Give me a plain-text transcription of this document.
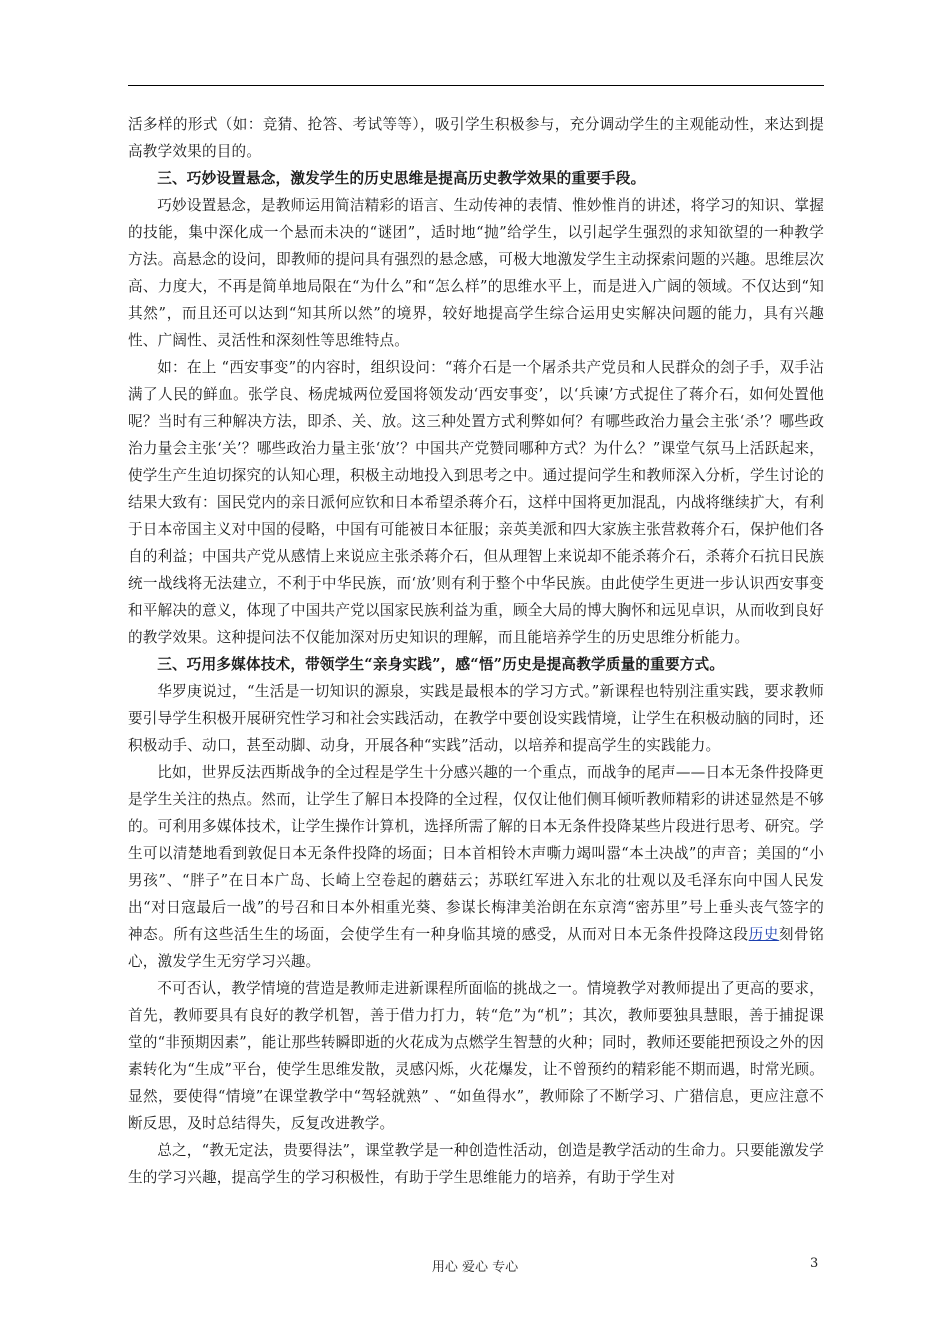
活多样的形式（如：竞猜、抢答、考试等等），吸引学生积极参与，充分调动学生的主观能动性，来达到提高教学效果的目的。

三、巧妙设置悬念，激发学生的历史思维是提高历史教学效果的重要手段。

巧妙设置悬念，是教师运用简洁精彩的语言、生动传神的表情、惟妙惟肖的讲述，将学习的知识、掌握的技能，集中深化成一个悬而未决的“谜团”，适时地“抛”给学生，以引起学生强烈的求知欲望的一种教学方法。高悬念的设问，即教师的提问具有强烈的悬念感，可极大地激发学生主动探索问题的兴趣。思维层次高、力度大，不再是简单地局限在“为什么”和“怎么样”的思维水平上，而是进入广阔的领域。不仅达到“知其然”，而且还可以达到“知其所以然”的境界，较好地提高学生综合运用史实解决问题的能力，具有兴趣性、广阔性、灵活性和深刻性等思维特点。

如：在上 “西安事变”的内容时，组织设问：“蒋介石是一个屠杀共产党员和人民群众的刽子手，双手沾满了人民的鲜血。张学良、杨虎城两位爱国将领发动‘西安事变’，以‘兵谏’方式捉住了蒋介石，如何处置他呢？当时有三种解决方法，即杀、关、放。这三种处置方式利弊如何？有哪些政治力量会主张‘杀’？哪些政治力量会主张‘关’？哪些政治力量主张‘放’？中国共产党赞同哪种方式？为什么？”课堂气氛马上活跃起来，使学生产生迫切探究的认知心理，积极主动地投入到思考之中。通过提问学生和教师深入分析，学生讨论的结果大致有：国民党内的亲日派何应钦和日本希望杀蒋介石，这样中国将更加混乱，内战将继续扩大，有利于日本帝国主义对中国的侵略，中国有可能被日本征服；亲英美派和四大家族主张营救蒋介石，保护他们各自的利益；中国共产党从感情上来说应主张杀蒋介石，但从理智上来说却不能杀蒋介石，杀蒋介石抗日民族统一战线将无法建立，不利于中华民族，而‘放’则有利于整个中华民族。由此使学生更进一步认识西安事变和平解决的意义，体现了中国共产党以国家民族利益为重，顾全大局的博大胸怀和远见卓识，从而收到良好的教学效果。这种提问法不仅能加深对历史知识的理解，而且能培养学生的历史思维分析能力。

三、巧用多媒体技术，带领学生“亲身实践”，感“悟”历史是提高教学质量的重要方式。

华罗庚说过，“生活是一切知识的源泉，实践是最根本的学习方式。”新课程也特别注重实践，要求教师要引导学生积极开展研究性学习和社会实践活动，在教学中要创设实践情境，让学生在积极动脑的同时，还积极动手、动口，甚至动脚、动身，开展各种“实践”活动，以培养和提高学生的实践能力。

比如，世界反法西斯战争的全过程是学生十分感兴趣的一个重点，而战争的尾声——日本无条件投降更是学生关注的热点。然而，让学生了解日本投降的全过程，仅仅让他们侧耳倾听教师精彩的讲述显然是不够的。可利用多媒体技术，让学生操作计算机，选择所需了解的日本无条件投降某些片段进行思考、研究。学生可以清楚地看到敦促日本无条件投降的场面；日本首相铃木声嘶力竭叫嚣“本土决战”的声音；美国的“小男孩”、“胖子”在日本广岛、长崎上空卷起的蘑菇云；苏联红军进入东北的壮观以及毛泽东向中国人民发出“对日寇最后一战”的号召和日本外相重光葵、参谋长梅津美治朗在东京湾“密苏里”号上垂头丧气签字的神态。所有这些活生生的场面，会使学生有一种身临其境的感受，从而对日本无条件投降这段历史刻骨铭心，激发学生无穷学习兴趣。

不可否认，教学情境的营造是教师走进新课程所面临的挑战之一。情境教学对教师提出了更高的要求，首先，教师要具有良好的教学机智，善于借力打力，转“危”为“机”；其次，教师要独具慧眼，善于捕捉课堂的“非预期因素”，能让那些转瞬即逝的火花成为点燃学生智慧的火种；同时，教师还要能把预设之外的因素转化为“生成”平台，使学生思维发散，灵感闪烁，火花爆发，让不曾预约的精彩能不期而遇，时常光顾。显然，要使得“情境”在课堂教学中“驾轻就熟” 、“如鱼得水”，教师除了不断学习、广猎信息，更应注意不断反思，及时总结得失，反复改进教学。

总之，“教无定法，贵要得法”，课堂教学是一种创造性活动，创造是教学活动的生命力。只要能激发学生的学习兴趣，提高学生的学习积极性，有助于学生思维能力的培养，有助于学生对

用心 爱心 专心	3
